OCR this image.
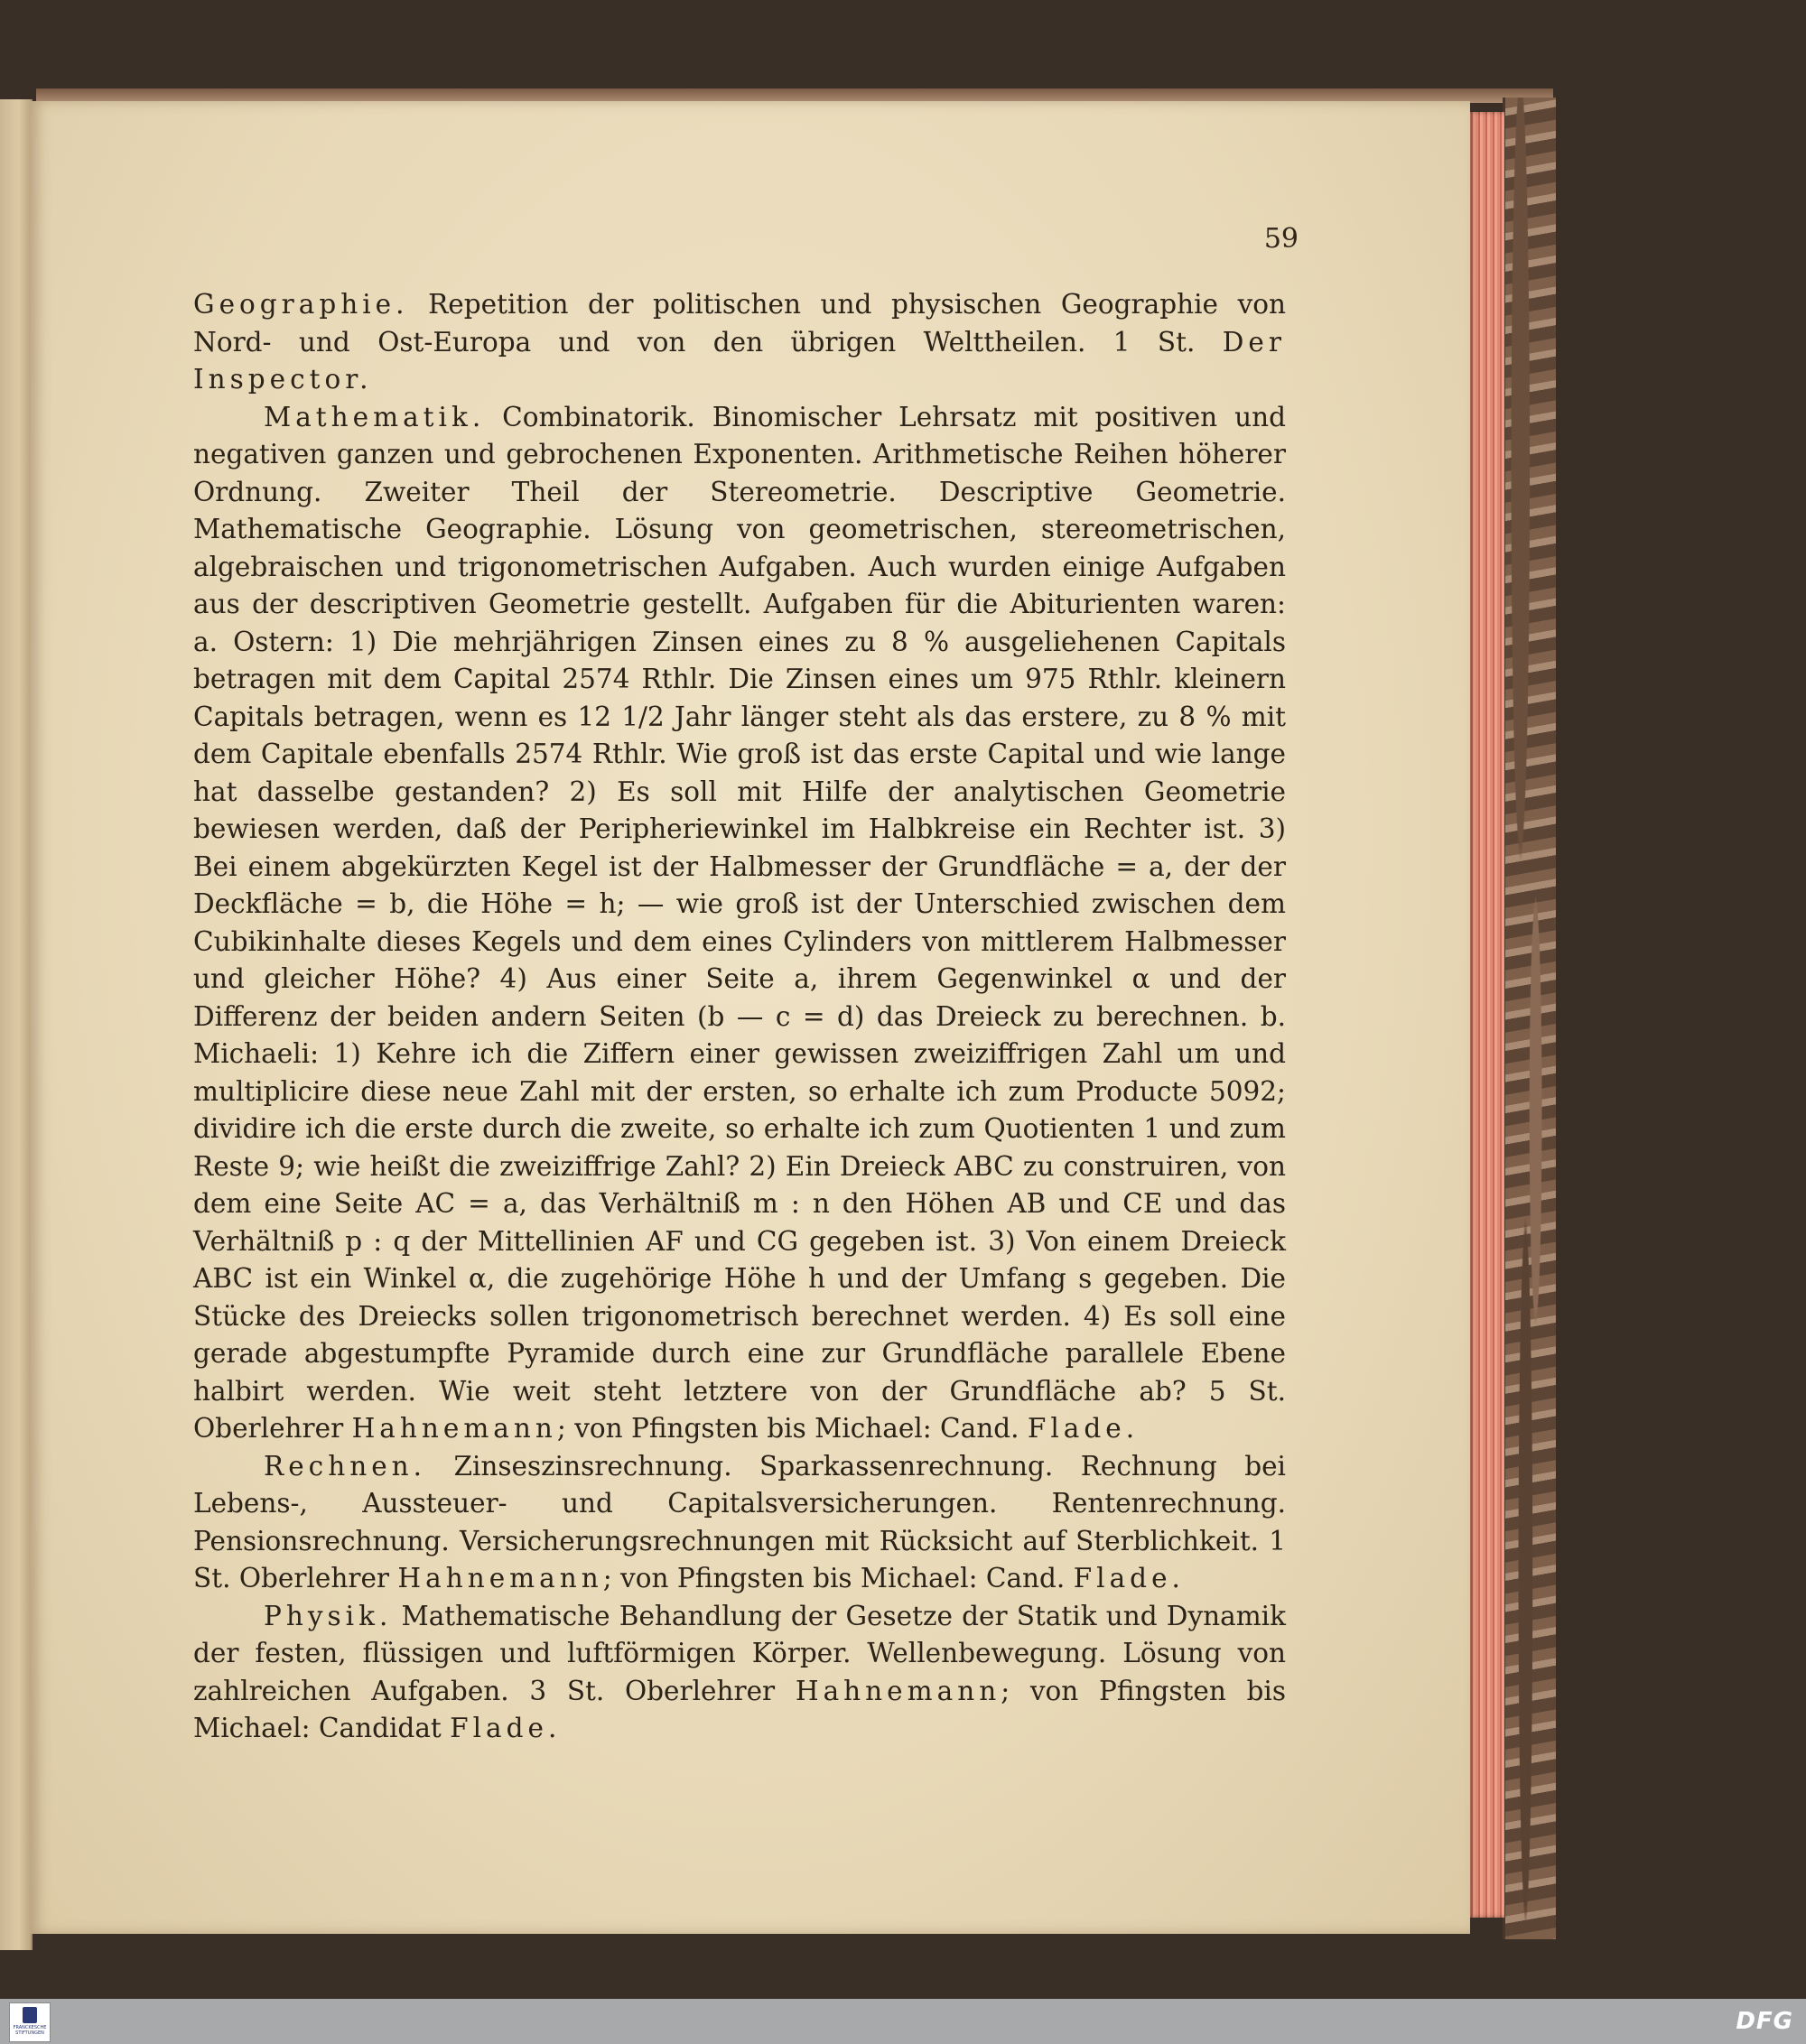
59

Geographie. Repetition der politischen und physischen Geographie von Nord- und Ost-Europa und von den übrigen Welttheilen. 1 St. Der Inspector.

Mathematik. Combinatorik. Binomischer Lehrsatz mit positiven und negativen ganzen und gebrochenen Exponenten. Arithmetische Reihen höherer Ordnung. Zweiter Theil der Stereometrie. Descriptive Geometrie. Mathematische Geographie. Lösung von geometrischen, stereometrischen, algebraischen und trigonometrischen Aufgaben. Auch wurden einige Aufgaben aus der descriptiven Geometrie gestellt. Aufgaben für die Abiturienten waren: a. Ostern: 1) Die mehrjährigen Zinsen eines zu 8 % ausgeliehenen Capitals betragen mit dem Capital 2574 Rthlr. Die Zinsen eines um 975 Rthlr. kleinern Capitals betragen, wenn es 12 1/2 Jahr länger steht als das erstere, zu 8 % mit dem Capitale ebenfalls 2574 Rthlr. Wie groß ist das erste Capital und wie lange hat dasselbe gestanden? 2) Es soll mit Hilfe der analytischen Geometrie bewiesen werden, daß der Peripheriewinkel im Halbkreise ein Rechter ist. 3) Bei einem abgekürzten Kegel ist der Halbmesser der Grundfläche = a, der der Deckfläche = b, die Höhe = h; — wie groß ist der Unterschied zwischen dem Cubikinhalte dieses Kegels und dem eines Cylinders von mittlerem Halbmesser und gleicher Höhe? 4) Aus einer Seite a, ihrem Gegenwinkel α und der Differenz der beiden andern Seiten (b — c = d) das Dreieck zu berechnen. b. Michaeli: 1) Kehre ich die Ziffern einer gewissen zweiziffrigen Zahl um und multiplicire diese neue Zahl mit der ersten, so erhalte ich zum Producte 5092; dividire ich die erste durch die zweite, so erhalte ich zum Quotienten 1 und zum Reste 9; wie heißt die zweiziffrige Zahl? 2) Ein Dreieck ABC zu construiren, von dem eine Seite AC = a, das Verhältniß m : n den Höhen AB und CE und das Verhältniß p : q der Mittellinien AF und CG gegeben ist. 3) Von einem Dreieck ABC ist ein Winkel α, die zugehörige Höhe h und der Umfang s gegeben. Die Stücke des Dreiecks sollen trigonometrisch berechnet werden. 4) Es soll eine gerade abgestumpfte Pyramide durch eine zur Grundfläche parallele Ebene halbirt werden. Wie weit steht letztere von der Grundfläche ab? 5 St. Oberlehrer Hahnemann; von Pfingsten bis Michael: Cand. Flade.

Rechnen. Zinseszinsrechnung. Sparkassenrechnung. Rechnung bei Lebens-, Aussteuer- und Capitalsversicherungen. Rentenrechnung. Pensionsrechnung. Versicherungsrechnungen mit Rücksicht auf Sterblichkeit. 1 St. Oberlehrer Hahnemann; von Pfingsten bis Michael: Cand. Flade.

Physik. Mathematische Behandlung der Gesetze der Statik und Dynamik der festen, flüssigen und luftförmigen Körper. Wellenbewegung. Lösung von zahlreichen Aufgaben. 3 St. Oberlehrer Hahnemann; von Pfingsten bis Michael: Candidat Flade.

FRANCKESCHE STIFTUNGEN	DFG
